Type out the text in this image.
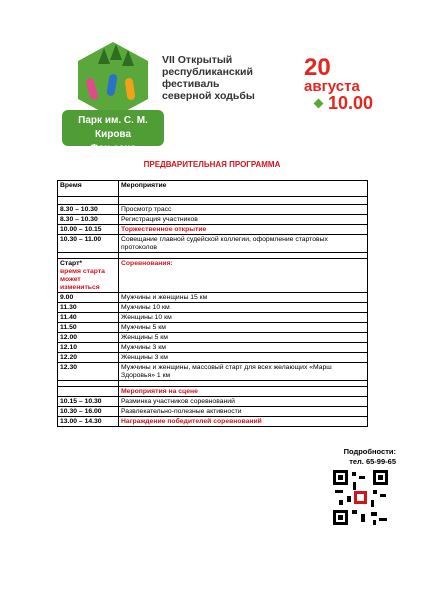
VII Открытый
республиканский
фестиваль
северной ходьбы
20
августа
10.00
Парк им. С. М. Кирова
Фан-зона
ПРЕДВАРИТЕЛЬНАЯ ПРОГРАММА
Время	Мероприятие

8.30 – 10.30	Просмотр трасс
8.30 – 10.30	Регистрация участников
10.00 – 10.15	Торжественное открытие
10.30 – 11.00	Совещание главной судейской коллегии, оформление стартовых протоколов

Старт*
время старта может измениться	Соревнования:
9.00	Мужчины и женщины 15 км
11.30	Мужчины 10 км
11.40	Женщины 10 км
11.50	Мужчины 5 км
12.00	Женщины 5 км
12.10	Мужчины 3 км
12.20	Женщины 3 км
12.30	Мужчины и женщины, массовый старт для всех желающих «Марш Здоровья» 1 км

	Мероприятия на сцене
10.15 – 10.30	Разминка участников соревнований
10.30 – 16.00	Развлекательно-полезные активности
13.00 – 14.30	Награждение победителей соревнований
Подробности:
тел. 65-99-65
